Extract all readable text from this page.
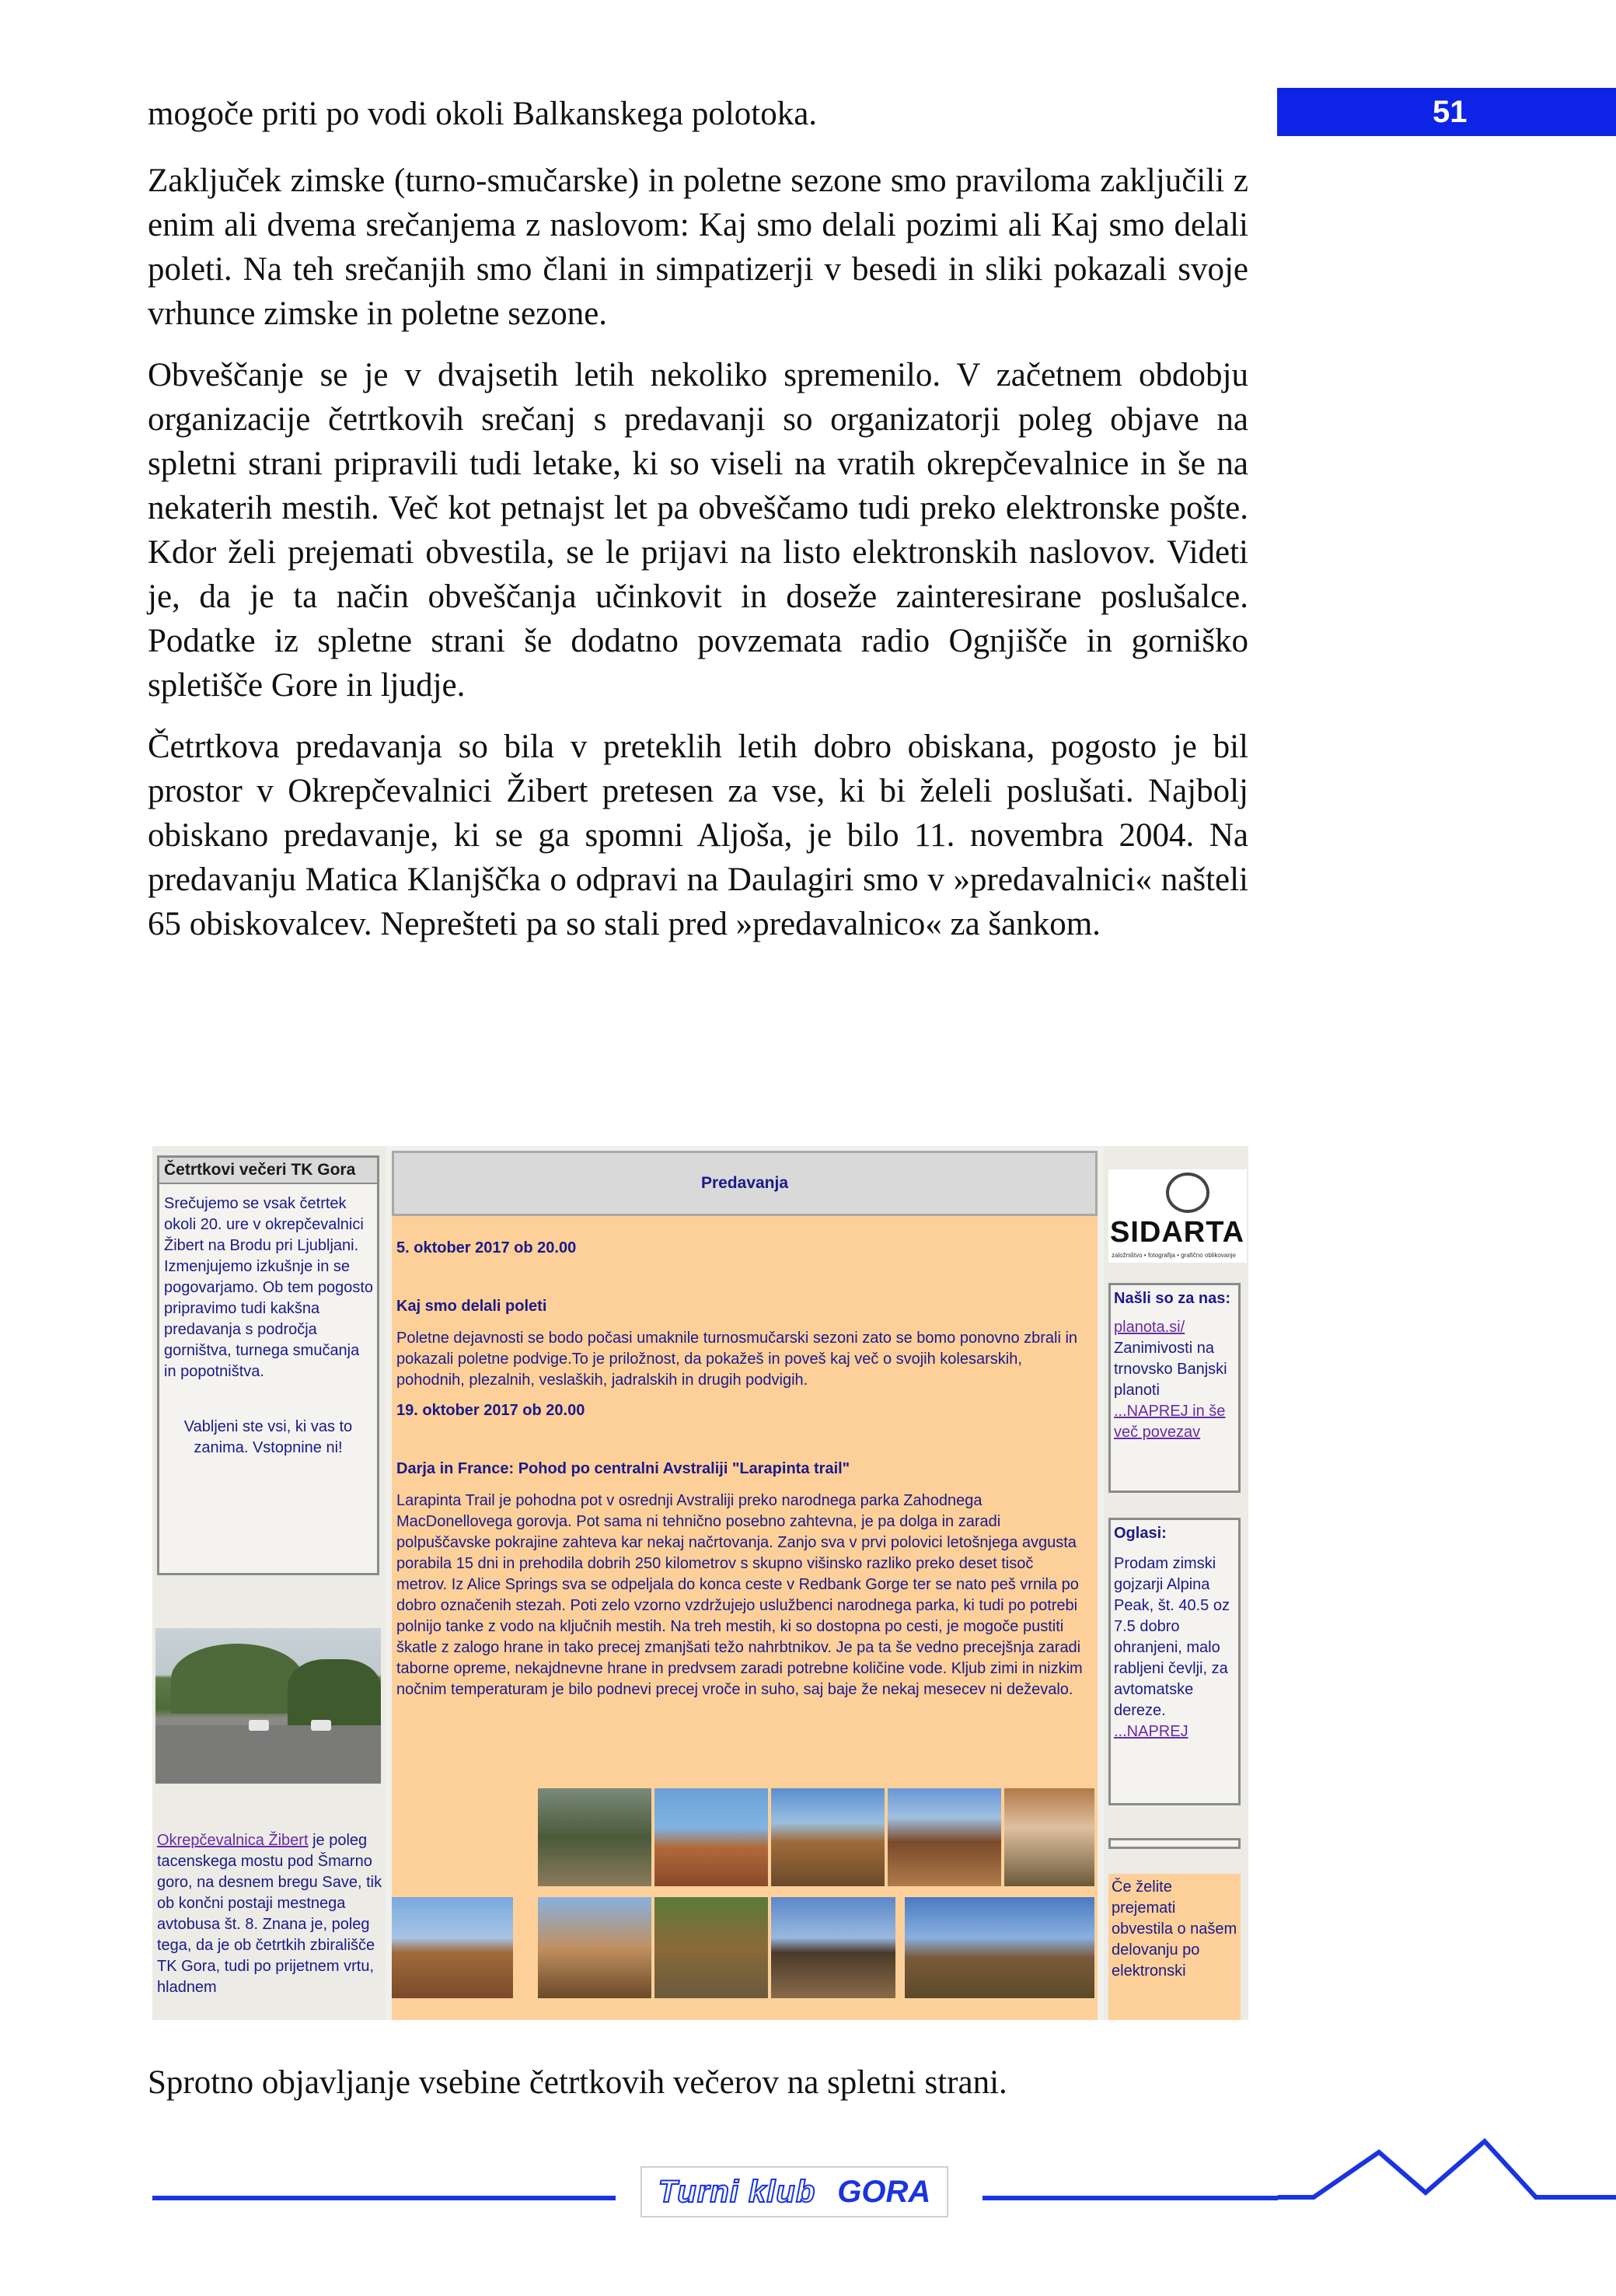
51
mogoče priti po vodi okoli Balkanskega polotoka.

Zaključek zimske (turno-smučarske) in poletne sezone smo praviloma zaključili z enim ali dvema srečanjema z naslovom: Kaj smo delali pozimi ali Kaj smo delali poleti. Na teh srečanjih smo člani in simpatizerji v besedi in sliki pokazali svoje vrhunce zimske in poletne sezone.

Obveščanje se je v dvajsetih letih nekoliko spremenilo. V začetnem obdobju organizacije četrtkovih srečanj s predavanji so organizatorji poleg objave na spletni strani pripravili tudi letake, ki so viseli na vratih okrepčevalnice in še na nekaterih mestih. Več kot petnajst let pa obveščamo tudi preko elektronske pošte. Kdor želi prejemati obvestila, se le prijavi na listo elektronskih naslovov. Videti je, da je ta način obveščanja učinkovit in doseže zainteresirane poslušalce. Podatke iz spletne strani še dodatno povzemata radio Ognjišče in gorniško spletišče Gore in ljudje.

Četrtkova predavanja so bila v preteklih letih dobro obiskana, pogosto je bil prostor v Okrepčevalnici Žibert pretesen za vse, ki bi želeli poslušati. Najbolj obiskano predavanje, ki se ga spomni Aljoša, je bilo 11. novembra 2004. Na predavanju Matica Klanjščka o odpravi na Daulagiri smo v »predavalnici« našteli 65 obiskovalcev. Neprešteti pa so stali pred »predavalnico« za šankom.

Četrtkovi večeri TK Gora
Srečujemo se vsak četrtek okoli 20. ure v okrepčevalnici Žibert na Brodu pri Ljubljani. Izmenjujemo izkušnje in se pogovarjamo. Ob tem pogosto pripravimo tudi kakšna predavanja s področja gorništva, turnega smučanja in popotništva.
Vabljeni ste vsi, ki vas to zanima. Vstopnine ni!
Okrepčevalnica Žibert je poleg tacenskega mostu pod Šmarno goro, na desnem bregu Save, tik ob končni postaji mestnega avtobusa št. 8. Znana je, poleg tega, da je ob četrtkih zbirališče TK Gora, tudi po prijetnem vrtu, hladnem
Predavanja

5. oktober 2017 ob 20.00

Kaj smo delali poleti

Poletne dejavnosti se bodo počasi umaknile turnosmučarski sezoni zato se bomo ponovno zbrali in pokazali poletne podvige.To je priložnost, da pokažeš in poveš kaj več o svojih kolesarskih, pohodnih, plezalnih, veslaških, jadralskih in drugih podvigih.

19. oktober 2017 ob 20.00

Darja in France: Pohod po centralni Avstraliji "Larapinta trail"

Larapinta Trail je pohodna pot v osrednji Avstraliji preko narodnega parka Zahodnega MacDonellovega gorovja. Pot sama ni tehnično posebno zahtevna, je pa dolga in zaradi polpuščavske pokrajine zahteva kar nekaj načrtovanja. Zanjo sva v prvi polovici letošnjega avgusta porabila 15 dni in prehodila dobrih 250 kilometrov s skupno višinsko razliko preko deset tisoč metrov. Iz Alice Springs sva se odpeljala do konca ceste v Redbank Gorge ter se nato peš vrnila po dobro označenih stezah. Poti zelo vzorno vzdržujejo uslužbenci narodnega parka, ki tudi po potrebi polnijo tanke z vodo na ključnih mestih. Na treh mestih, ki so dostopna po cesti, je mogoče pustiti škatle z zalogo hrane in tako precej zmanjšati težo nahrbtnikov. Je pa ta še vedno precejšnja zaradi taborne opreme, nekajdnevne hrane in predvsem zaradi potrebne količine vode. Kljub zimi in nizkim nočnim temperaturam je bilo podnevi precej vroče in suho, saj baje že nekaj mesecev ni deževalo.

SIDARTA
založništvo • fotografija • grafično oblikovanje
Našli so za nas:
planota.si/ Zanimivosti na trnovsko Banjski planoti
...NAPREJ in še več povezav
Oglasi:
Prodam zimski gojzarji Alpina Peak, št. 40.5 oz 7.5 dobro ohranjeni, malo rabljeni čevlji, za avtomatske dereze.
...NAPREJ
Če želite prejemati obvestila o našem delovanju po elektronski
Sprotno objavljanje vsebine četrtkovih večerov na spletni strani.
Turni klub GORA
